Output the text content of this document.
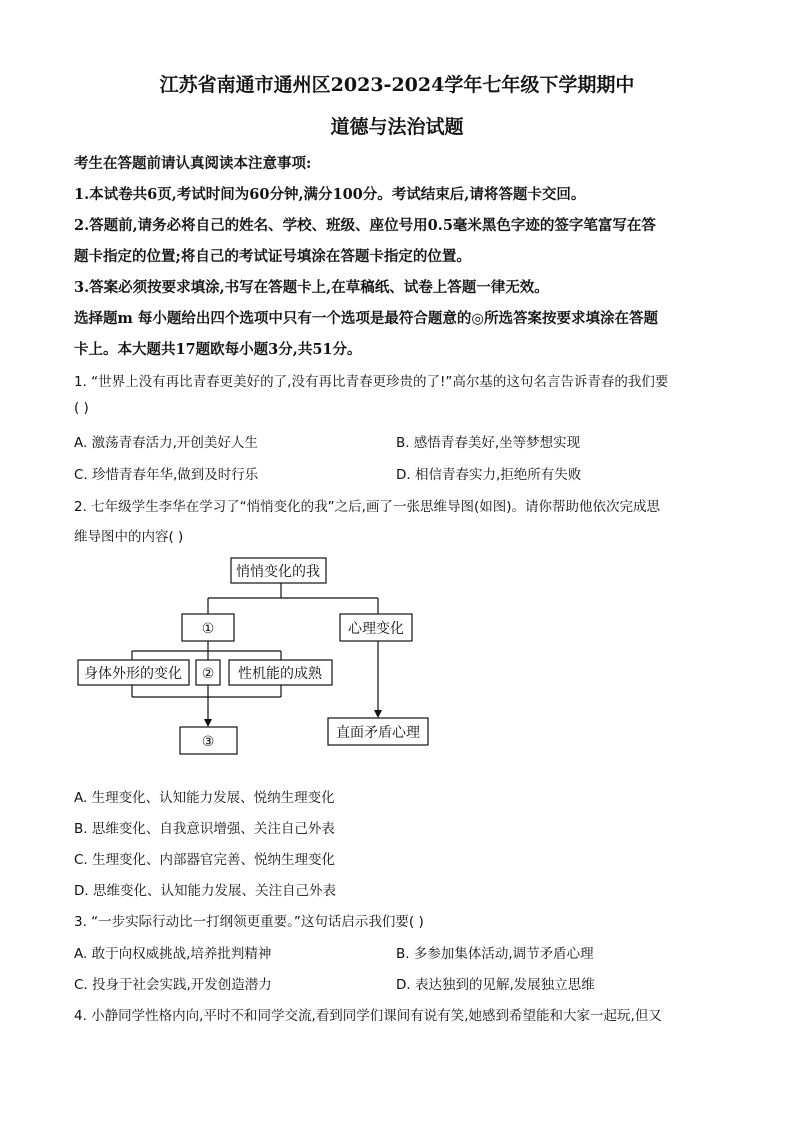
江苏省南通市通州区2023-2024学年七年级下学期期中
道德与法治试题
考生在答题前请认真阅读本注意事项:
1.本试卷共6页,考试时间为60分钟,满分100分。考试结束后,请将答题卡交回。
2.答题前,请务必将自己的姓名、学校、班级、座位号用0.5毫米黑色字迹的签字笔富写在答
题卡指定的位置;将自己的考试证号填涂在答题卡指定的位置。
3.答案必须按要求填涂,书写在答题卡上,在草稿纸、试卷上答题一律无效。
选择题m 每小题给出四个选项中只有一个选项是最符合题意的◎所选答案按要求填涂在答题
卡上。本大题共17题欧每小题3分,共51分。
1. “世界上没有再比青春更美好的了,没有再比青春更珍贵的了!”高尔基的这句名言告诉青春的我们要
( )
A. 激荡青春活力,开创美好人生	B. 感悟青春美好,坐等梦想实现
C. 珍惜青春年华,做到及时行乐	D. 相信青春实力,拒绝所有失败
2. 七年级学生李华在学习了“悄悄变化的我”之后,画了一张思维导图(如图)。请你帮助他依次完成思
维导图中的内容( )
悄悄变化的我
①	心理变化
身体外形的变化 ② 性机能的成熟
③
直面矛盾心理
A. 生理变化、认知能力发展、悦纳生理变化
B. 思维变化、自我意识增强、关注自己外表
C. 生理变化、内部器官完善、悦纳生理变化
D. 思维变化、认知能力发展、关注自己外表
3. “一步实际行动比一打纲领更重要。”这句话启示我们要( )
A. 敢于向权威挑战,培养批判精神	B. 多参加集体活动,调节矛盾心理
C. 投身于社会实践,开发创造潜力	D. 表达独到的见解,发展独立思维
4. 小静同学性格内向,平时不和同学交流,看到同学们课间有说有笑,她感到希望能和大家一起玩,但又
